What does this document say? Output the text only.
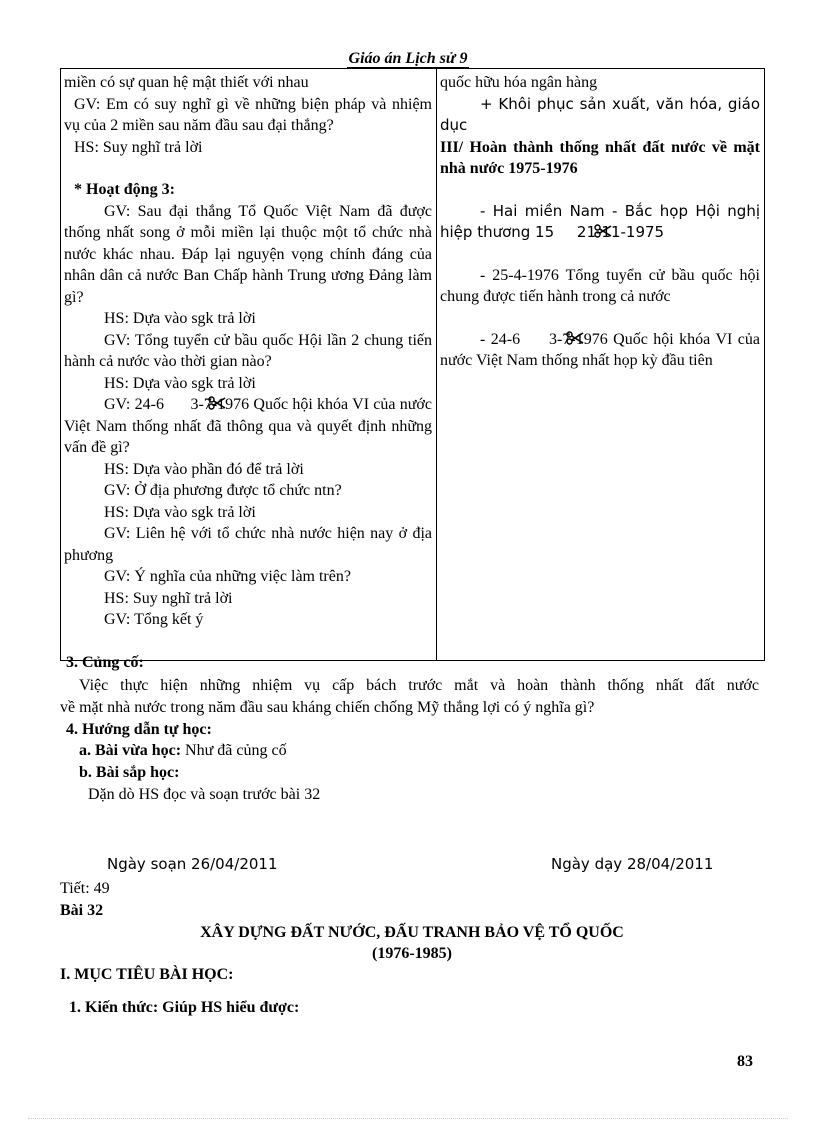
Giáo án Lịch sử 9
miền có sự quan hệ mật thiết với nhau
GV: Em có suy nghĩ gì về những biện pháp và nhiệm vụ của 2 miền sau năm đầu sau đại thắng?
HS: Suy nghĩ trả lời
* Hoạt động 3:
GV: Sau đại thắng Tổ Quốc Việt Nam đã được thống nhất song ở mỗi miền lại thuộc một tổ chức nhà nước khác nhau. Đáp lại nguyện vọng chính đáng của nhân dân cả nước Ban Chấp hành Trung ương Đảng làm gì?
HS: Dựa vào sgk trả lời
GV: Tổng tuyển cử bầu quốc Hội lần 2 chung tiến hành cả nước vào thời gian nào?
HS: Dựa vào sgk trả lời
GV: 24-6  3-7-1976 Quốc hội khóa VI của nước Việt Nam thống nhất đã thông qua và quyết định những vấn đề gì?
HS: Dựa vào phần đó để trả lời
GV: Ở địa phương được tổ chức ntn?
HS: Dựa vào sgk trả lời
GV: Liên hệ với tổ chức nhà nước hiện nay ở địa phương
GV: Ý nghĩa của những việc làm trên?
HS: Suy nghĩ trả lời
GV: Tổng kết ý

quốc hữu hóa ngân hàng
+ Khôi phục sản xuất, văn hóa, giáo dục
III/ Hoàn thành thống nhất đất nước về mặt nhà nước 1975-1976
- Hai miền Nam - Bắc họp Hội nghị hiệp thương 15 21-11-1975
- 25-4-1976 Tổng tuyển cử bầu quốc hội chung được tiến hành trong cả nước
- 24-6  3-7-1976 Quốc hội khóa VI của nước Việt Nam thống nhất họp kỳ đầu tiên
3. Củng cố:
Việc thực hiện những nhiệm vụ cấp bách trước mắt và hoàn thành thống nhất đất nước
về mặt nhà nước trong năm đầu sau kháng chiến chống Mỹ thắng lợi có ý nghĩa gì?
4. Hướng dẫn tự học:
a. Bài vừa học: Như đã củng cố
b. Bài sắp học:
Dặn dò HS đọc và soạn trước bài 32
Ngày soạn 26/04/2011	Ngày dạy 28/04/2011
Tiết: 49
Bài 32
XÂY DỰNG ĐẤT NƯỚC, ĐẤU TRANH BẢO VỆ TỔ QUỐC
(1976-1985)
I. MỤC TIÊU BÀI HỌC:
1. Kiến thức: Giúp HS hiểu được:
83
